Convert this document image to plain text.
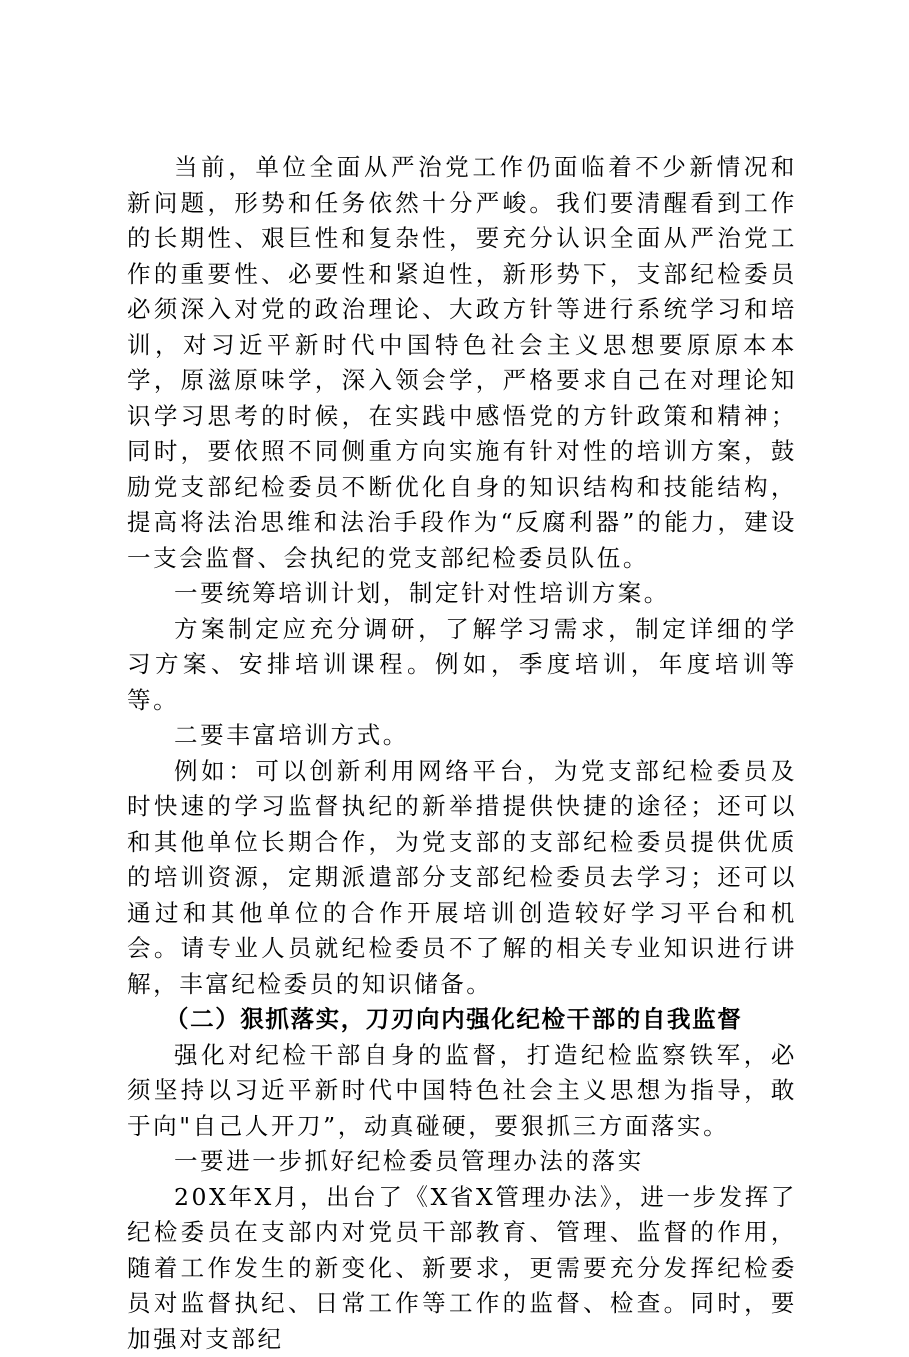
当前，单位全面从严治党工作仍面临着不少新情况和新问题，形势和任务依然十分严峻。我们要清醒看到工作的长期性、艰巨性和复杂性，要充分认识全面从严治党工作的重要性、必要性和紧迫性，新形势下，支部纪检委员必须深入对党的政治理论、大政方针等进行系统学习和培训，对习近平新时代中国特色社会主义思想要原原本本学，原滋原味学，深入领会学，严格要求自己在对理论知识学习思考的时候，在实践中感悟党的方针政策和精神；同时，要依照不同侧重方向实施有针对性的培训方案，鼓励党支部纪检委员不断优化自身的知识结构和技能结构，提高将法治思维和法治手段作为“反腐利器”的能力，建设一支会监督、会执纪的党支部纪检委员队伍。

一要统筹培训计划，制定针对性培训方案。

方案制定应充分调研，了解学习需求，制定详细的学习方案、安排培训课程。例如，季度培训，年度培训等等。

二要丰富培训方式。

例如：可以创新利用网络平台，为党支部纪检委员及时快速的学习监督执纪的新举措提供快捷的途径；还可以和其他单位长期合作，为党支部的支部纪检委员提供优质的培训资源，定期派遣部分支部纪检委员去学习；还可以通过和其他单位的合作开展培训创造较好学习平台和机会。请专业人员就纪检委员不了解的相关专业知识进行讲解，丰富纪检委员的知识储备。

（二）狠抓落实，刀刃向内强化纪检干部的自我监督

强化对纪检干部自身的监督，打造纪检监察铁军，必须坚持以习近平新时代中国特色社会主义思想为指导，敢于向"自己人开刀”，动真碰硬，要狠抓三方面落实。

一要进一步抓好纪检委员管理办法的落实

20X年X月，出台了《X省X管理办法》，进一步发挥了纪检委员在支部内对党员干部教育、管理、监督的作用，随着工作发生的新变化、新要求，更需要充分发挥纪检委员对监督执纪、日常工作等工作的监督、检查。同时，要加强对支部纪
